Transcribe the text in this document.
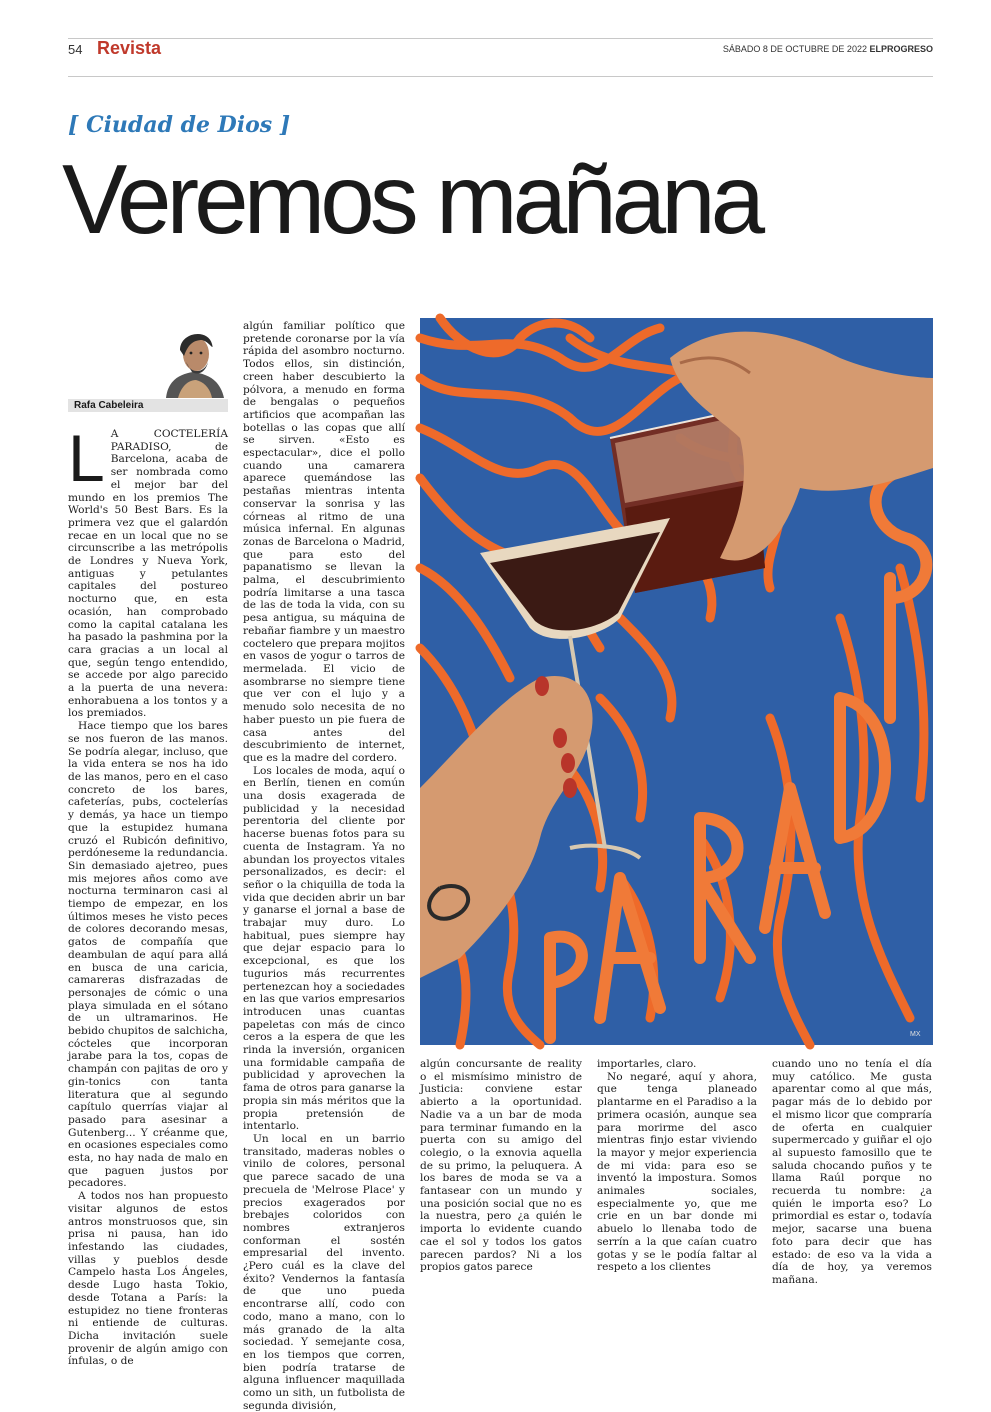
54 Revista	SÁBADO 8 DE OCTUBRE DE 2022 ELPROGRESO
[ Ciudad de Dios ]
Veremos mañana
Rafa Cabeleira

L A COCTELERÍA PARADISO, de Barcelona, acaba de ser nombrada como el mejor bar del mundo en los premios The World's 50 Best Bars. Es la primera vez que el galardón recae en un local que no se circunscribe a las metrópolis de Londres y Nueva York, antiguas y petulantes capitales del postureo nocturno que, en esta ocasión, han comprobado como la capital catalana les ha pasado la pashmina por la cara gracias a un local al que, según tengo entendido, se accede por algo parecido a la puerta de una nevera: enhorabuena a los tontos y a los premiados.

Hace tiempo que los bares se nos fueron de las manos. Se podría alegar, incluso, que la vida entera se nos ha ido de las manos, pero en el caso concreto de los bares, cafeterías, pubs, coctelerías y demás, ya hace un tiempo que la estupidez humana cruzó el Rubicón definitivo, perdóneseme la redundancia. Sin demasiado ajetreo, pues mis mejores años como ave nocturna terminaron casi al tiempo de empezar, en los últimos meses he visto peces de colores decorando mesas, gatos de compañía que deambulan de aquí para allá en busca de una caricia, camareras disfrazadas de personajes de cómic o una playa simulada en el sótano de un ultramarinos. He bebido chupitos de salchicha, cócteles que incorporan jarabe para la tos, copas de champán con pajitas de oro y gin-tonics con tanta literatura que al segundo capítulo querrías viajar al pasado para asesinar a Gutenberg... Y créanme que, en ocasiones especiales como esta, no hay nada de malo en que paguen justos por pecadores.

A todos nos han propuesto visitar algunos de estos antros monstruosos que, sin prisa ni pausa, han ido infestando las ciudades, villas y pueblos desde Campelo hasta Los Ángeles, desde Lugo hasta Tokio, desde Totana a París: la estupidez no tiene fronteras ni entiende de culturas. Dicha invitación suele provenir de algún amigo con ínfulas, o de

algún familiar político que pretende coronarse por la vía rápida del asombro nocturno. Todos ellos, sin distinción, creen haber descubierto la pólvora, a menudo en forma de bengalas o pequeños artificios que acompañan las botellas o las copas que allí se sirven. «Esto es espectacular», dice el pollo cuando una camarera aparece quemándose las pestañas mientras intenta conservar la sonrisa y las córneas al ritmo de una música infernal. En algunas zonas de Barcelona o Madrid, que para esto del papanatismo se llevan la palma, el descubrimiento podría limitarse a una tasca de las de toda la vida, con su pesa antigua, su máquina de rebañar fiambre y un maestro coctelero que prepara mojitos en vasos de yogur o tarros de mermelada. El vicio de asombrarse no siempre tiene que ver con el lujo y a menudo solo necesita de no haber puesto un pie fuera de casa antes del descubrimiento de internet, que es la madre del cordero.

Los locales de moda, aquí o en Berlín, tienen en común una dosis exagerada de publicidad y la necesidad perentoria del cliente por hacerse buenas fotos para su cuenta de Instagram. Ya no abundan los proyectos vitales personalizados, es decir: el señor o la chiquilla de toda la vida que deciden abrir un bar y ganarse el jornal a base de trabajar muy duro. Lo habitual, pues siempre hay que dejar espacio para lo excepcional, es que los tugurios más recurrentes pertenezcan hoy a sociedades en las que varios empresarios introducen unas cuantas papeletas con más de cinco ceros a la espera de que les rinda la inversión, organicen una formidable campaña de publicidad y aprovechen la fama de otros para ganarse la propia sin más méritos que la propia pretensión de intentarlo.

Un local en un barrio transitado, maderas nobles o vinilo de colores, personal que parece sacado de una precuela de 'Melrose Place' y precios exagerados por brebajes coloridos con nombres extranjeros conforman el sostén empresarial del invento. ¿Pero cuál es la clave del éxito? Vendernos la fantasía de que uno pueda encontrarse allí, codo con codo, mano a mano, con lo más granado de la alta sociedad. Y semejante cosa, en los tiempos que corren, bien podría tratarse de alguna influencer maquillada como un sith, un futbolista de segunda división,

MX

algún concursante de reality o el mismísimo ministro de Justicia: conviene estar abierto a la oportunidad. Nadie va a un bar de moda para terminar fumando en la puerta con su amigo del colegio, o la exnovia aquella de su primo, la peluquera. A los bares de moda se va a fantasear con un mundo y una posición social que no es la nuestra, pero ¿a quién le importa lo evidente cuando cae el sol y todos los gatos parecen pardos? Ni a los propios gatos parece

importarles, claro.

No negaré, aquí y ahora, que tenga planeado plantarme en el Paradiso a la primera ocasión, aunque sea para morirme del asco mientras finjo estar viviendo la mayor y mejor experiencia de mi vida: para eso se inventó la impostura. Somos animales sociales, especialmente yo, que me crie en un bar donde mi abuelo lo llenaba todo de serrín a la que caían cuatro gotas y se le podía faltar al respeto a los clientes

cuando uno no tenía el día muy católico. Me gusta aparentar como al que más, pagar más de lo debido por el mismo licor que compraría de oferta en cualquier supermercado y guiñar el ojo al supuesto famosillo que te saluda chocando puños y te llama Raúl porque no recuerda tu nombre: ¿a quién le importa eso? Lo primordial es estar o, todavía mejor, sacarse una buena foto para decir que has estado: de eso va la vida a día de hoy, ya veremos mañana.
